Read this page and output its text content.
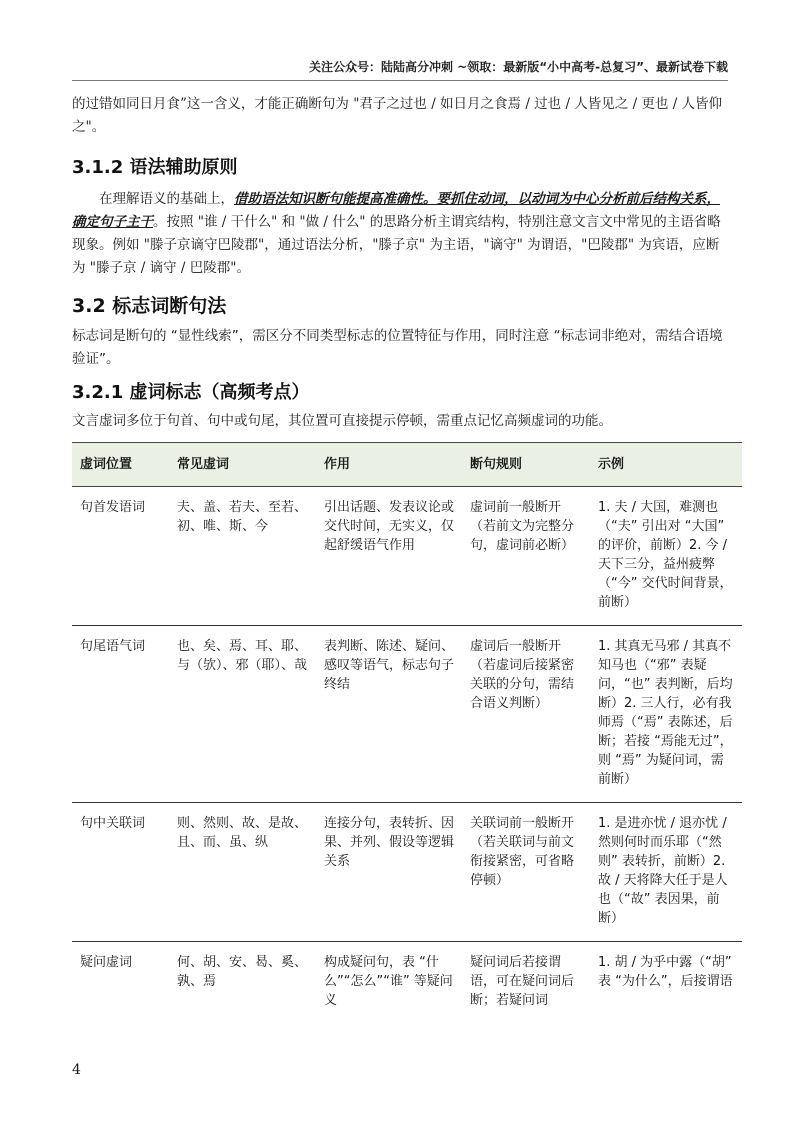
关注公众号：陆陆高分冲刺 ~领取：最新版“小中高考-总复习”、最新试卷下载

的过错如同日月食”这一含义，才能正确断句为 "君子之过也 / 如日月之食焉 / 过也 / 人皆见之 / 更也 / 人皆仰之"。

3.1.2 语法辅助原则

在理解语义的基础上，借助语法知识断句能提高准确性。要抓住动词，以动词为中心分析前后结构关系，确定句子主干。按照 "谁 / 干什么" 和 "做 / 什么" 的思路分析主谓宾结构，特别注意文言文中常见的主语省略现象。例如 "滕子京谪守巴陵郡"，通过语法分析，"滕子京" 为主语，"谪守" 为谓语，"巴陵郡" 为宾语，应断为 "滕子京 / 谪守 / 巴陵郡"。

3.2 标志词断句法

标志词是断句的 “显性线索”，需区分不同类型标志的位置特征与作用，同时注意 “标志词非绝对，需结合语境验证”。

3.2.1 虚词标志（高频考点）

文言虚词多位于句首、句中或句尾，其位置可直接提示停顿，需重点记忆高频虚词的功能。

虚词位置	常见虚词	作用	断句规则	示例
句首发语词	夫、盖、若夫、至若、初、唯、斯、今	引出话题、发表议论或交代时间，无实义，仅起舒缓语气作用	虚词前一般断开（若前文为完整分句，虚词前必断）	1. 夫 / 大国，难测也（“夫” 引出对 “大国” 的评价，前断）2. 今 / 天下三分，益州疲弊（“今” 交代时间背景，前断）
句尾语气词	也、矣、焉、耳、耶、与（欤）、邪（耶）、哉	表判断、陈述、疑问、感叹等语气，标志句子终结	虚词后一般断开（若虚词后接紧密关联的分句，需结合语义判断）	1. 其真无马邪 / 其真不知马也（“邪” 表疑问，“也” 表判断，后均断）2. 三人行，必有我师焉（“焉” 表陈述，后断；若接 “焉能无过”，则 “焉” 为疑问词，需前断）
句中关联词	则、然则、故、是故、且、而、虽、纵	连接分句，表转折、因果、并列、假设等逻辑关系	关联词前一般断开（若关联词与前文衔接紧密，可省略停顿）	1. 是进亦忧 / 退亦忧 / 然则何时而乐耶（“然则” 表转折，前断）2. 故 / 天将降大任于是人也（“故” 表因果，前断）
疑问虚词	何、胡、安、曷、奚、孰、焉	构成疑问句，表 “什么”“怎么”“谁” 等疑问义	疑问词后若接谓语，可在疑问词后断；若疑问词	1. 胡 / 为乎中露（“胡” 表 “为什么”，后接谓语
4
